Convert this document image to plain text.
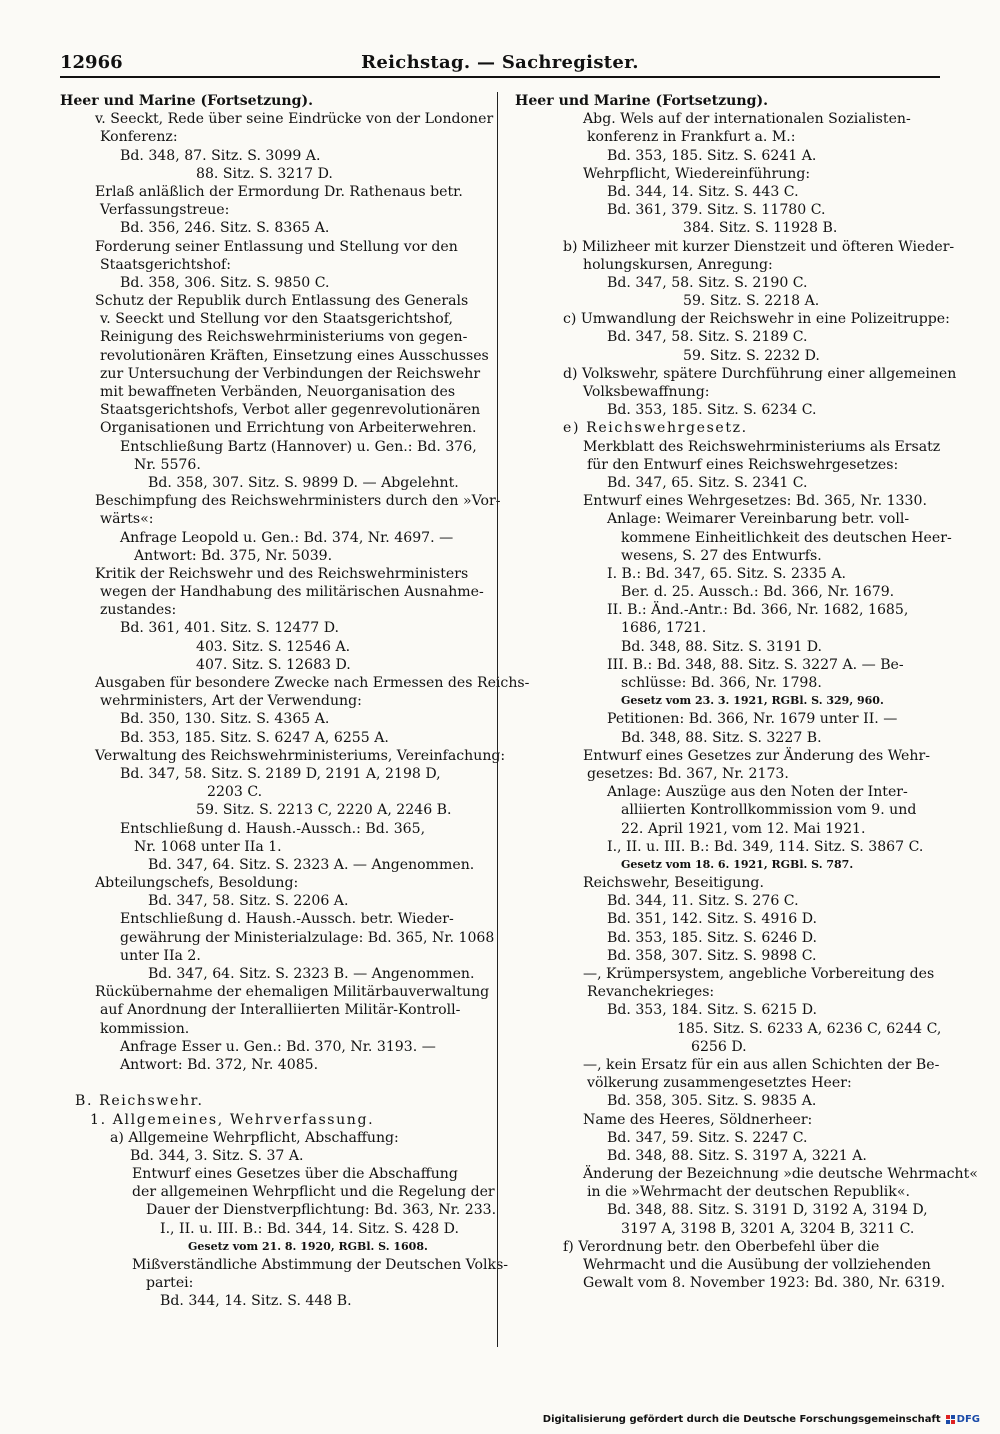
12966	Reichstag. — Sachregister.
Heer und Marine (Fortsetzung).
v. Seeckt, Rede über seine Eindrücke von der Londoner
Konferenz:
Bd. 348, 87. Sitz. S. 3099 A.
88. Sitz. S. 3217 D.
Erlaß anläßlich der Ermordung Dr. Rathenaus betr.
Verfassungstreue:
Bd. 356, 246. Sitz. S. 8365 A.
Forderung seiner Entlassung und Stellung vor den
Staatsgerichtshof:
Bd. 358, 306. Sitz. S. 9850 C.
Schutz der Republik durch Entlassung des Generals
v. Seeckt und Stellung vor den Staatsgerichtshof,
Reinigung des Reichswehrministeriums von gegen-
revolutionären Kräften, Einsetzung eines Ausschusses
zur Untersuchung der Verbindungen der Reichswehr
mit bewaffneten Verbänden, Neuorganisation des
Staatsgerichtshofs, Verbot aller gegenrevolutionären
Organisationen und Errichtung von Arbeiterwehren.
Entschließung Bartz (Hannover) u. Gen.: Bd. 376,
Nr. 5576.
Bd. 358, 307. Sitz. S. 9899 D. — Abgelehnt.
Beschimpfung des Reichswehrministers durch den »Vor-
wärts«:
Anfrage Leopold u. Gen.: Bd. 374, Nr. 4697. —
Antwort: Bd. 375, Nr. 5039.
Kritik der Reichswehr und des Reichswehrministers
wegen der Handhabung des militärischen Ausnahme-
zustandes:
Bd. 361, 401. Sitz. S. 12477 D.
403. Sitz. S. 12546 A.
407. Sitz. S. 12683 D.
Ausgaben für besondere Zwecke nach Ermessen des Reichs-
wehrministers, Art der Verwendung:
Bd. 350, 130. Sitz. S. 4365 A.
Bd. 353, 185. Sitz. S. 6247 A, 6255 A.
Verwaltung des Reichswehrministeriums, Vereinfachung:
Bd. 347, 58. Sitz. S. 2189 D, 2191 A, 2198 D,
2203 C.
59. Sitz. S. 2213 C, 2220 A, 2246 B.
Entschließung d. Haush.-Aussch.: Bd. 365,
Nr. 1068 unter IIa 1.
Bd. 347, 64. Sitz. S. 2323 A. — Angenommen.
Abteilungschefs, Besoldung:
Bd. 347, 58. Sitz. S. 2206 A.
Entschließung d. Haush.-Aussch. betr. Wieder-
gewährung der Ministerialzulage: Bd. 365, Nr. 1068
unter IIa 2.
Bd. 347, 64. Sitz. S. 2323 B. — Angenommen.
Rückübernahme der ehemaligen Militärbauverwaltung
auf Anordnung der Interalliierten Militär-Kontroll-
kommission.
Anfrage Esser u. Gen.: Bd. 370, Nr. 3193. —
Antwort: Bd. 372, Nr. 4085.
B. Reichswehr.
1. Allgemeines, Wehrverfassung.
a) Allgemeine Wehrpflicht, Abschaffung:
Bd. 344, 3. Sitz. S. 37 A.
Entwurf eines Gesetzes über die Abschaffung
der allgemeinen Wehrpflicht und die Regelung der
Dauer der Dienstverpflichtung: Bd. 363, Nr. 233.
I., II. u. III. B.: Bd. 344, 14. Sitz. S. 428 D.
Gesetz vom 21. 8. 1920, RGBl. S. 1608.
Mißverständliche Abstimmung der Deutschen Volks-
partei:
Bd. 344, 14. Sitz. S. 448 B.
Heer und Marine (Fortsetzung).
Abg. Wels auf der internationalen Sozialisten-
konferenz in Frankfurt a. M.:
Bd. 353, 185. Sitz. S. 6241 A.
Wehrpflicht, Wiedereinführung:
Bd. 344, 14. Sitz. S. 443 C.
Bd. 361, 379. Sitz. S. 11780 C.
384. Sitz. S. 11928 B.
b) Milizheer mit kurzer Dienstzeit und öfteren Wieder-
holungskursen, Anregung:
Bd. 347, 58. Sitz. S. 2190 C.
59. Sitz. S. 2218 A.
c) Umwandlung der Reichswehr in eine Polizeitruppe:
Bd. 347, 58. Sitz. S. 2189 C.
59. Sitz. S. 2232 D.
d) Volkswehr, spätere Durchführung einer allgemeinen
Volksbewaffnung:
Bd. 353, 185. Sitz. S. 6234 C.
e) Reichswehrgesetz.
Merkblatt des Reichswehrministeriums als Ersatz
für den Entwurf eines Reichswehrgesetzes:
Bd. 347, 65. Sitz. S. 2341 C.
Entwurf eines Wehrgesetzes: Bd. 365, Nr. 1330.
Anlage: Weimarer Vereinbarung betr. voll-
kommene Einheitlichkeit des deutschen Heer-
wesens, S. 27 des Entwurfs.
I. B.: Bd. 347, 65. Sitz. S. 2335 A.
Ber. d. 25. Aussch.: Bd. 366, Nr. 1679.
II. B.: Änd.-Antr.: Bd. 366, Nr. 1682, 1685,
1686, 1721.
Bd. 348, 88. Sitz. S. 3191 D.
III. B.: Bd. 348, 88. Sitz. S. 3227 A. — Be-
schlüsse: Bd. 366, Nr. 1798.
Gesetz vom 23. 3. 1921, RGBl. S. 329, 960.
Petitionen: Bd. 366, Nr. 1679 unter II. —
Bd. 348, 88. Sitz. S. 3227 B.
Entwurf eines Gesetzes zur Änderung des Wehr-
gesetzes: Bd. 367, Nr. 2173.
Anlage: Auszüge aus den Noten der Inter-
alliierten Kontrollkommission vom 9. und
22. April 1921, vom 12. Mai 1921.
I., II. u. III. B.: Bd. 349, 114. Sitz. S. 3867 C.
Gesetz vom 18. 6. 1921, RGBl. S. 787.
Reichswehr, Beseitigung.
Bd. 344, 11. Sitz. S. 276 C.
Bd. 351, 142. Sitz. S. 4916 D.
Bd. 353, 185. Sitz. S. 6246 D.
Bd. 358, 307. Sitz. S. 9898 C.
—, Krümpersystem, angebliche Vorbereitung des
Revanchekrieges:
Bd. 353, 184. Sitz. S. 6215 D.
185. Sitz. S. 6233 A, 6236 C, 6244 C,
6256 D.
—, kein Ersatz für ein aus allen Schichten der Be-
völkerung zusammengesetztes Heer:
Bd. 358, 305. Sitz. S. 9835 A.
Name des Heeres, Söldnerheer:
Bd. 347, 59. Sitz. S. 2247 C.
Bd. 348, 88. Sitz. S. 3197 A, 3221 A.
Änderung der Bezeichnung »die deutsche Wehrmacht«
in die »Wehrmacht der deutschen Republik«.
Bd. 348, 88. Sitz. S. 3191 D, 3192 A, 3194 D,
3197 A, 3198 B, 3201 A, 3204 B, 3211 C.
f) Verordnung betr. den Oberbefehl über die
Wehrmacht und die Ausübung der vollziehenden
Gewalt vom 8. November 1923: Bd. 380, Nr. 6319.
Digitalisierung gefördert durch die Deutsche Forschungsgemeinschaft DFG
